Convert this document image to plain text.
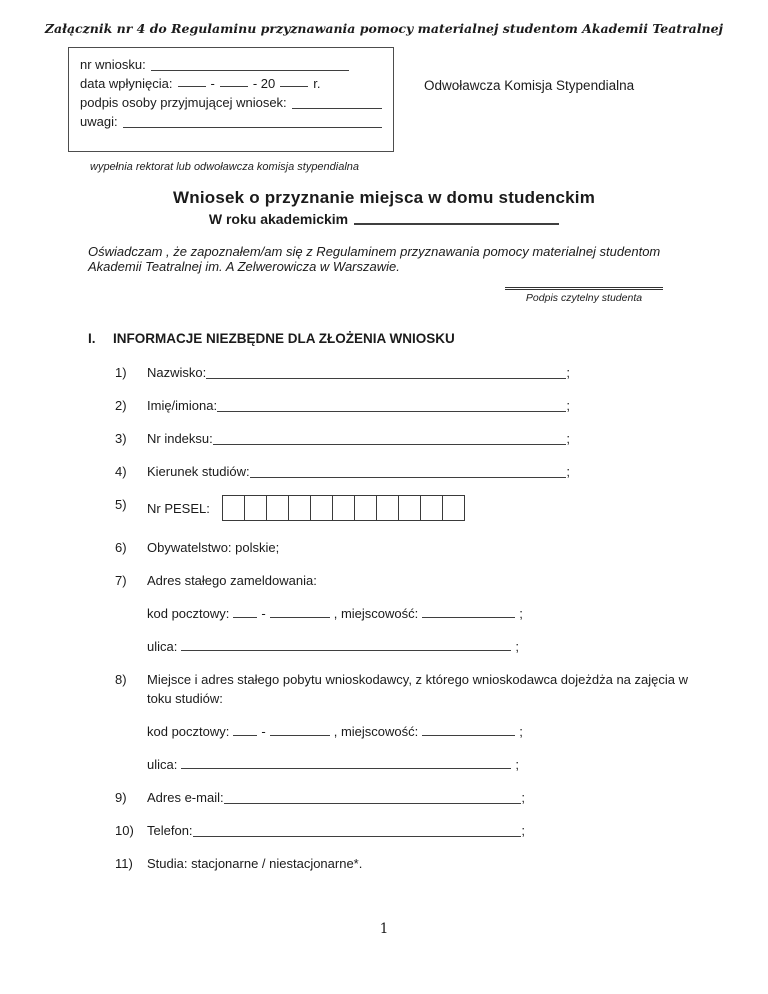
Załącznik nr 4 do Regulaminu przyznawania pomocy materialnej studentom Akademii Teatralnej
nr wniosku:
data wpłynięcia:	-	- 20	r.
podpis osoby przyjmującej wniosek:
uwagi:
Odwoławcza Komisja Stypendialna
wypełnia rektorat lub odwoławcza komisja stypendialna
Wniosek o przyznanie miejsca w domu studenckim
W roku akademickim
Oświadczam , że zapoznałem/am się z Regulaminem przyznawania pomocy materialnej studentom
Akademii Teatralnej im. A Zelwerowicza w Warszawie.
Podpis czytelny studenta
I.	INFORMACJE NIEZBĘDNE DLA ZŁOŻENIA WNIOSKU
1)	Nazwisko:	;
2)	Imię/imiona:	;
3)	Nr indeksu:	;
4)	Kierunek studiów:	;
5)	Nr PESEL:
6)	Obywatelstwo: polskie;
7)	Adres stałego zameldowania:
kod pocztowy: -	, miejscowość:	;
ulica:	;
8)	Miejsce i adres stałego pobytu wnioskodawcy, z którego wnioskodawca dojeżdża na zajęcia w
toku studiów:
kod pocztowy: -	, miejscowość:	;
ulica:	;
9)	Adres e-mail:	;
10)	Telefon:	;
11)	Studia: stacjonarne / niestacjonarne*.
1
